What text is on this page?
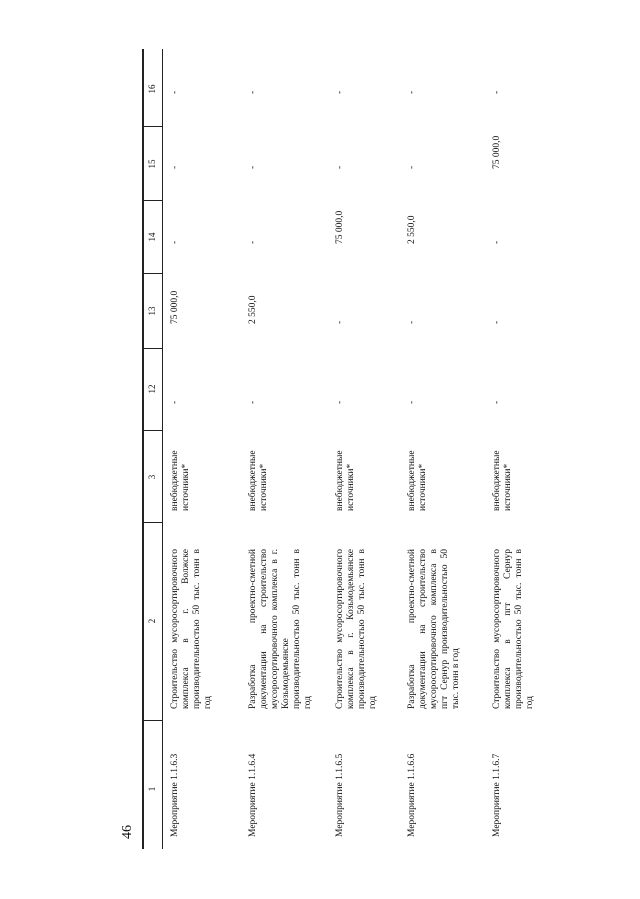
46
1
2
3
12
13
14
15
16
Мероприятие 1.1.6.3
Строительство мусоросортировочного комплекса в г. Волжске производительностью 50 тыс. тонн в год
внебюджетные источники*
-
75 000,0
-
-
-
Мероприятие 1.1.6.4
Разработка проектно-сметной документации на строительство мусоросортировочного комплекса в г. Козьмодемьянске производительностью 50 тыс. тонн в год
внебюджетные источники*
-
2 550,0
-
-
-
Мероприятие 1.1.6.5
Строительство мусоросортировочного комплекса в г. Козьмодемьянске производительностью 50 тыс. тонн в год
внебюджетные источники*
-
-
75 000,0
-
-
Мероприятие 1.1.6.6
Разработка проектно-сметной документации на строительство мусоросортировочного комплекса в пгт Сернур производительностью 50 тыс. тонн в год
внебюджетные источники*
-
-
2 550,0
-
-
Мероприятие 1.1.6.7
Строительство мусоросортировочного комплекса в пгт Сернур производительностью 50 тыс. тонн в год
внебюджетные источники*
-
-
-
75 000,0
-
